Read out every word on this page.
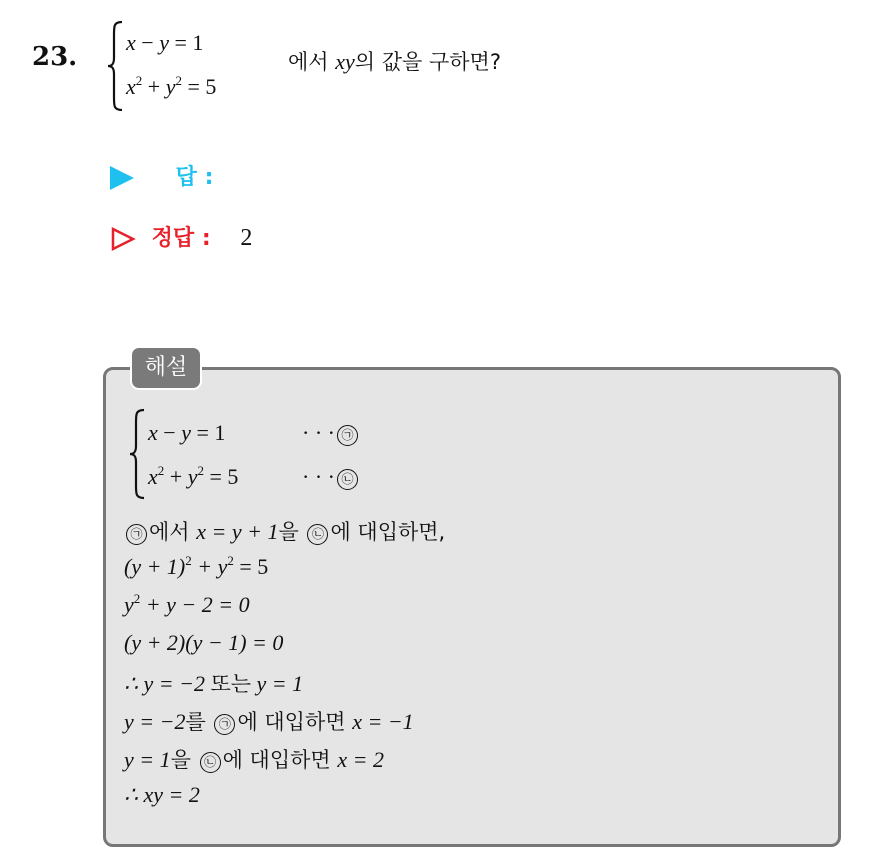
23. x − y = 1
$x^2 + y^2 = 5$
에서 xy의 값을 구하면?
답 :
정답 : 2
해설
x − y = 1	· · · ㉠
$x^2 + y^2 = 5$	· · · ㉡
㉠ 에서 x = y + 1을 ㉡ 에 대입하면,
$(y + 1)^2 + y^2 = 5$
$y^2 + y - 2 = 0$
(y + 2)(y − 1) = 0
∴ y = −2 또는 y = 1
y = −2를 ㉠ 에 대입하면 x = −1
y = 1을 ㉡ 에 대입하면 x = 2
∴ xy = 2
